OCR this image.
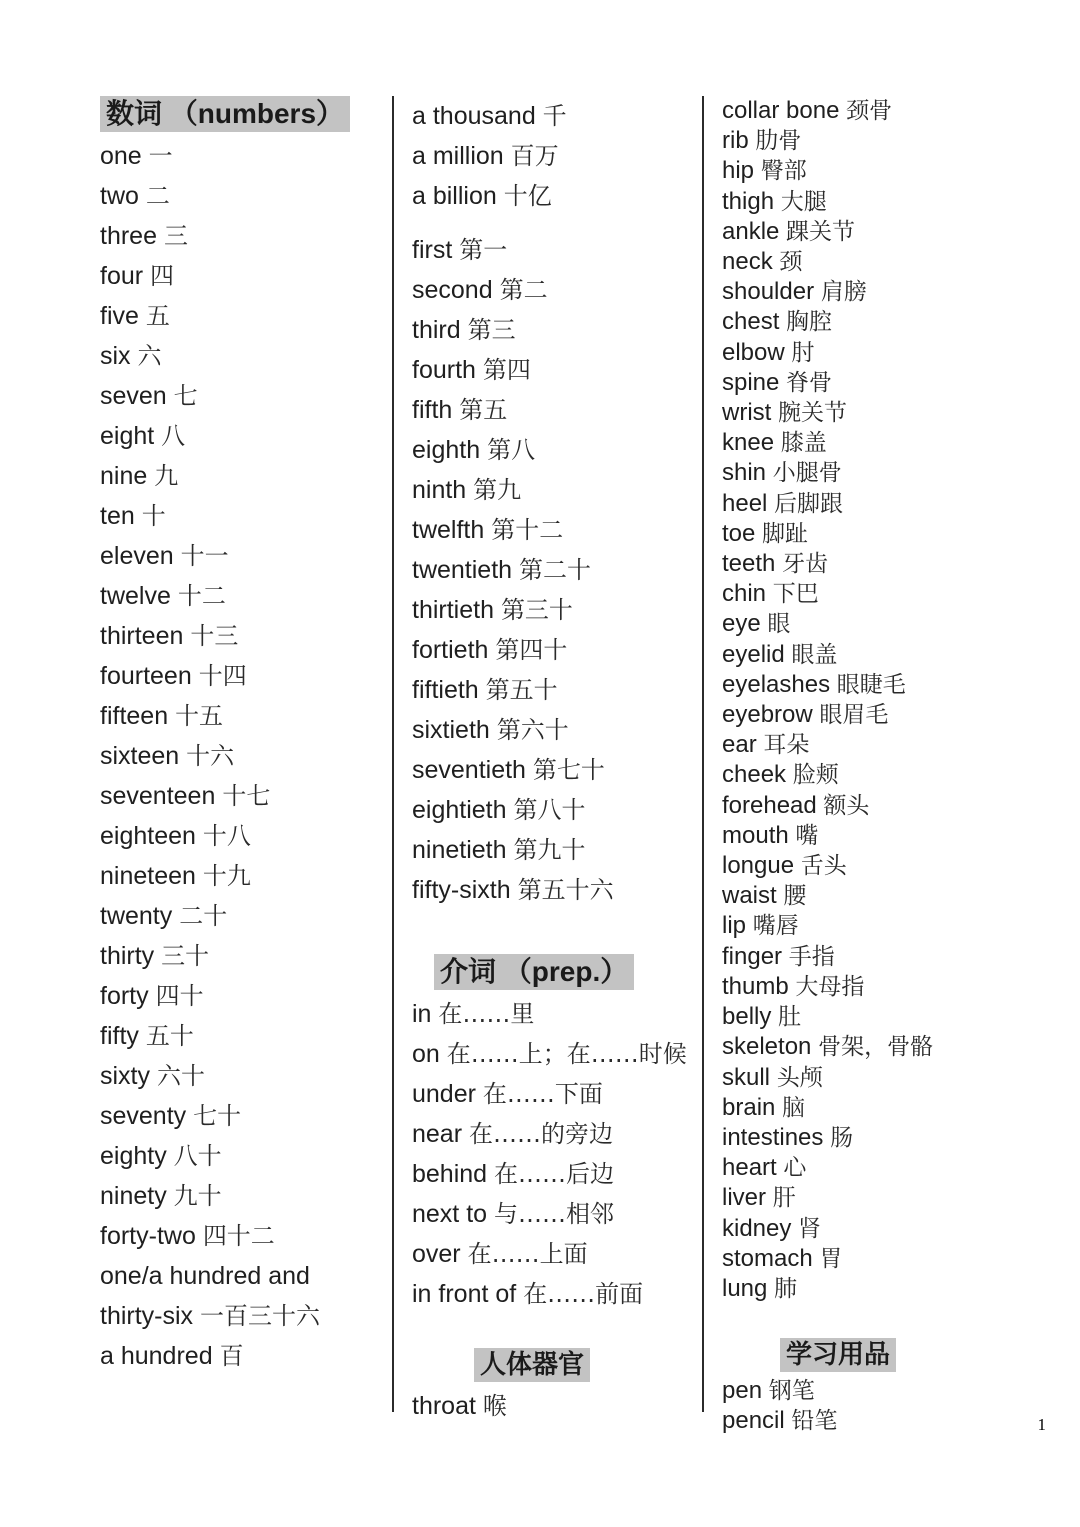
数词 （numbers）
one 一
two 二
three 三
four 四
five 五
six 六
seven 七
eight 八
nine 九
ten 十
eleven 十一
twelve 十二
thirteen 十三
fourteen 十四
fifteen 十五
sixteen 十六
seventeen 十七
eighteen 十八
nineteen 十九
twenty 二十
thirty 三十
forty 四十
fifty 五十
sixty 六十
seventy 七十
eighty 八十
ninety 九十
forty-two 四十二
one/a hundred and
thirty-six 一百三十六
a hundred 百
a thousand 千
a million 百万
a billion 十亿
first 第一
second 第二
third 第三
fourth 第四
fifth 第五
eighth 第八
ninth 第九
twelfth 第十二
twentieth 第二十
thirtieth 第三十
fortieth 第四十
fiftieth 第五十
sixtieth 第六十
seventieth 第七十
eightieth 第八十
ninetieth 第九十
fifty-sixth 第五十六
介词 （prep.）
in 在……里
on 在……上；在……时候
under 在……下面
near 在……的旁边
behind 在……后边
next to 与……相邻
over 在……上面
in front of 在……前面
人体器官
throat 喉
collar bone 颈骨
rib 肋骨
hip 臀部
thigh 大腿
ankle 踝关节
neck 颈
shoulder 肩膀
chest 胸腔
elbow 肘
spine 脊骨
wrist 腕关节
knee 膝盖
shin 小腿骨
heel 后脚跟
toe 脚趾
teeth 牙齿
chin 下巴
eye 眼
eyelid 眼盖
eyelashes 眼睫毛
eyebrow 眼眉毛
ear 耳朵
cheek 脸颊
forehead 额头
mouth 嘴
longue 舌头
waist 腰
lip 嘴唇
finger 手指
thumb 大母指
belly 肚
skeleton 骨架，骨骼
skull 头颅
brain 脑
intestines 肠
heart 心
liver 肝
kidney 肾
stomach 胃
lung 肺
学习用品
pen 钢笔
pencil 铅笔	1
